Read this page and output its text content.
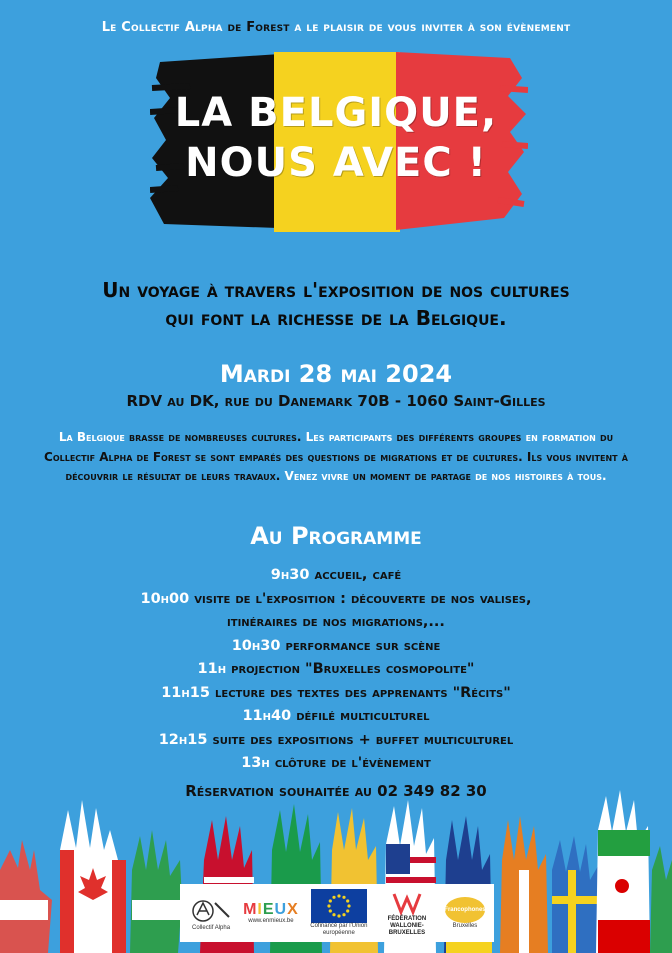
Le Collectif Alpha de Forest a le plaisir de vous inviter à son évènement
LA BELGIQUE,
NOUS AVEC !
Un voyage à travers l'exposition de nos cultures
qui font la richesse de la Belgique.
Mardi 28 mai 2024
RDV au DK, rue du Danemark 70B - 1060 Saint-Gilles
La Belgique brasse de nombreuses cultures. Les participants des différents groupes en formation du Collectif Alpha de Forest se sont emparés des questions de migrations et de cultures. Ils vous invitent à découvrir le résultat de leurs travaux. Venez vivre un moment de partage de nos histoires à tous.
Au Programme
9h30 accueil, café
10h00 visite de l'exposition : découverte de nos valises,
itinéraires de nos migrations,...
10h30 performance sur scène
11h projection "Bruxelles cosmopolite"
11h15 lecture des textes des apprenants "Récits"
11h40 défilé multiculturel
12h15 suite des expositions + buffet multiculturel
13h clôture de l'évènement
Réservation souhaitée au 02 349 82 30
Collectif Alpha
MIEUX
www.enmieux.be
Cofinancé par l'Union européenne
FÉDÉRATION WALLONIE-BRUXELLES
Francophones
Bruxelles
